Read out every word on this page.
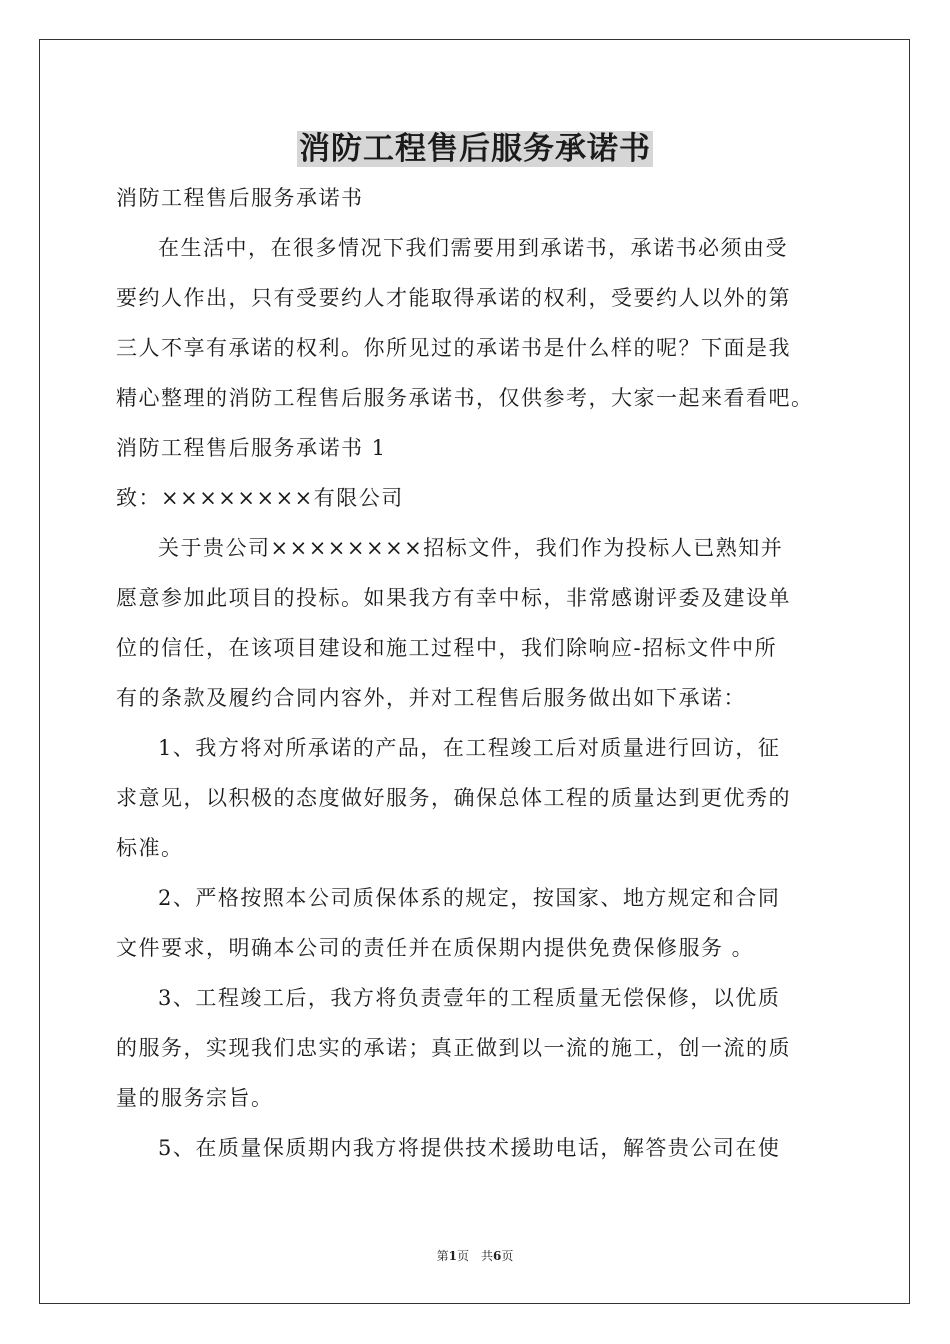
消防工程售后服务承诺书
消防工程售后服务承诺书
在生活中，在很多情况下我们需要用到承诺书，承诺书必须由受
要约人作出，只有受要约人才能取得承诺的权利，受要约人以外的第
三人不享有承诺的权利。你所见过的承诺书是什么样的呢？下面是我
精心整理的消防工程售后服务承诺书，仅供参考，大家一起来看看吧。
消防工程售后服务承诺书 1
致：××××××××有限公司
关于贵公司××××××××招标文件，我们作为投标人已熟知并
愿意参加此项目的投标。如果我方有幸中标，非常感谢评委及建设单
位的信任，在该项目建设和施工过程中，我们除响应-招标文件中所
有的条款及履约合同内容外，并对工程售后服务做出如下承诺：
1、我方将对所承诺的产品，在工程竣工后对质量进行回访，征
求意见，以积极的态度做好服务，确保总体工程的质量达到更优秀的
标准。
2、严格按照本公司质保体系的规定，按国家、地方规定和合同
文件要求，明确本公司的责任并在质保期内提供免费保修服务 。
3、工程竣工后，我方将负责壹年的工程质量无偿保修，以优质
的服务，实现我们忠实的承诺；真正做到以一流的施工，创一流的质
量的服务宗旨。
5、在质量保质期内我方将提供技术援助电话，解答贵公司在使
第1页　共6页
